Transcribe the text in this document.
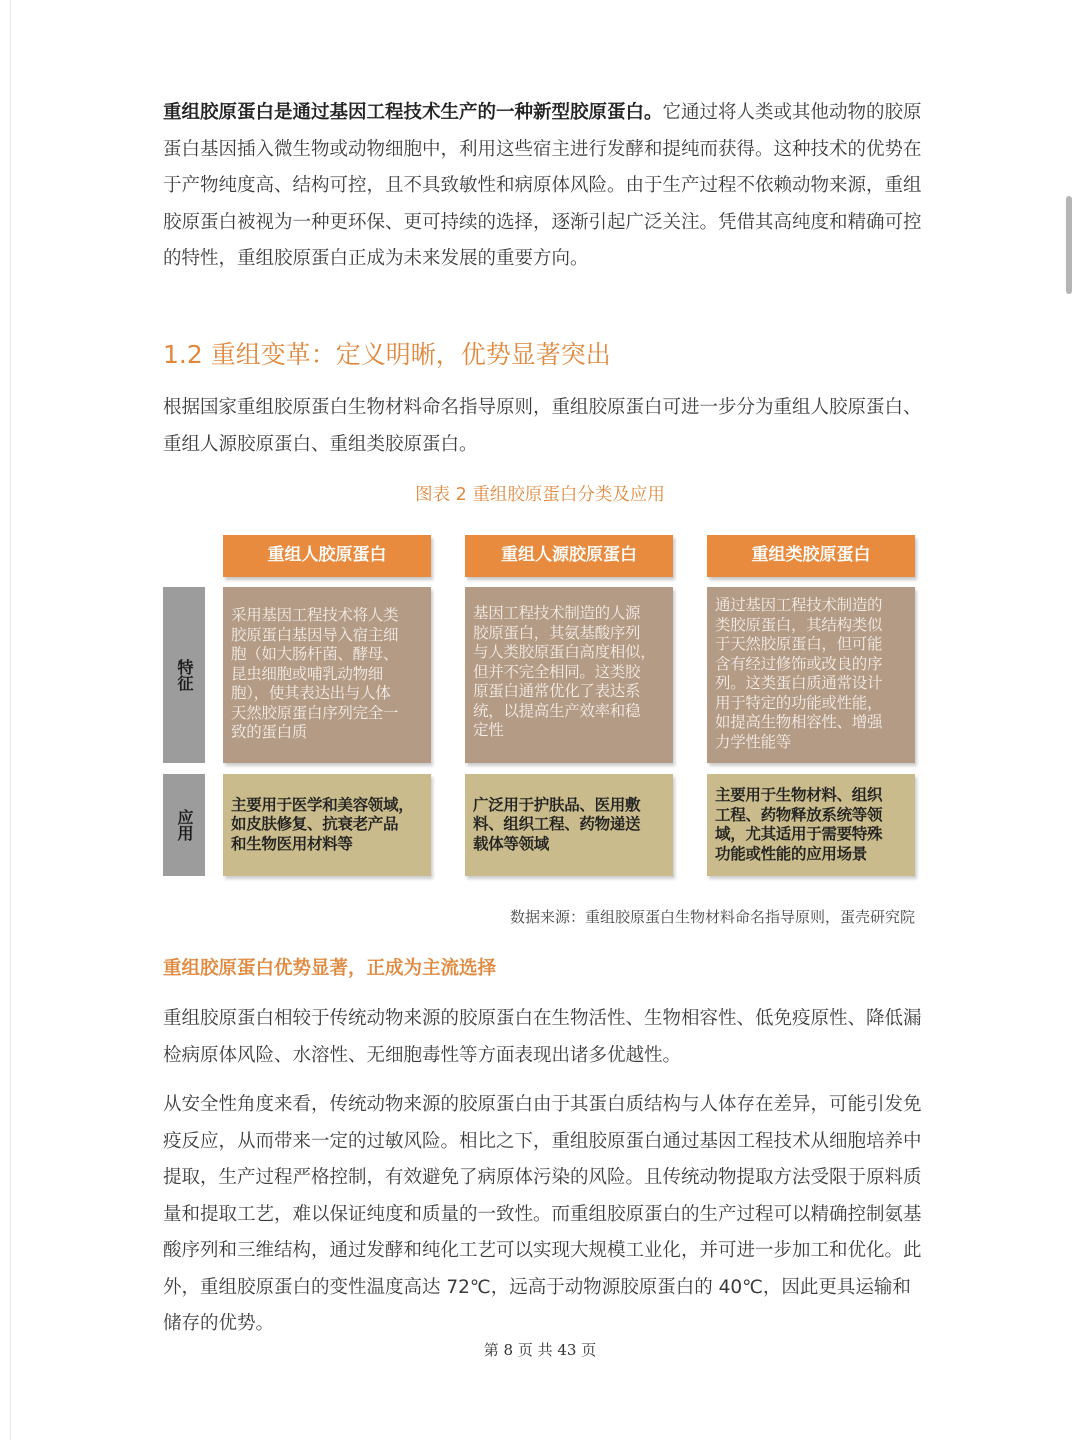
重组胶原蛋白是通过基因工程技术生产的一种新型胶原蛋白。它通过将人类或其他动物的胶原蛋白基因插入微生物或动物细胞中，利用这些宿主进行发酵和提纯而获得。这种技术的优势在于产物纯度高、结构可控，且不具致敏性和病原体风险。由于生产过程不依赖动物来源，重组胶原蛋白被视为一种更环保、更可持续的选择，逐渐引起广泛关注。凭借其高纯度和精确可控的特性，重组胶原蛋白正成为未来发展的重要方向。

1.2 重组变革：定义明晰，优势显著突出

根据国家重组胶原蛋白生物材料命名指导原则，重组胶原蛋白可进一步分为重组人胶原蛋白、重组人源胶原蛋白、重组类胶原蛋白。

图表 2 重组胶原蛋白分类及应用
重组人胶原蛋白	重组人源胶原蛋白	重组类胶原蛋白
特征
应用
采用基因工程技术将人类
胶原蛋白基因导入宿主细
胞（如大肠杆菌、酵母、
昆虫细胞或哺乳动物细
胞），使其表达出与人体
天然胶原蛋白序列完全一
致的蛋白质
基因工程技术制造的人源
胶原蛋白，其氨基酸序列
与人类胶原蛋白高度相似，
但并不完全相同。这类胶
原蛋白通常优化了表达系
统，以提高生产效率和稳
定性
通过基因工程技术制造的
类胶原蛋白，其结构类似
于天然胶原蛋白，但可能
含有经过修饰或改良的序
列。这类蛋白质通常设计
用于特定的功能或性能，
如提高生物相容性、增强
力学性能等
主要用于医学和美容领域，
如皮肤修复、抗衰老产品
和生物医用材料等
广泛用于护肤品、医用敷
料、组织工程、药物递送
载体等领域
主要用于生物材料、组织
工程、药物释放系统等领
域，尤其适用于需要特殊
功能或性能的应用场景
数据来源：重组胶原蛋白生物材料命名指导原则，蛋壳研究院
重组胶原蛋白优势显著，正成为主流选择

重组胶原蛋白相较于传统动物来源的胶原蛋白在生物活性、生物相容性、低免疫原性、降低漏检病原体风险、水溶性、无细胞毒性等方面表现出诸多优越性。

从安全性角度来看，传统动物来源的胶原蛋白由于其蛋白质结构与人体存在差异，可能引发免疫反应，从而带来一定的过敏风险。相比之下，重组胶原蛋白通过基因工程技术从细胞培养中提取，生产过程严格控制，有效避免了病原体污染的风险。且传统动物提取方法受限于原料质量和提取工艺，难以保证纯度和质量的一致性。而重组胶原蛋白的生产过程可以精确控制氨基酸序列和三维结构，通过发酵和纯化工艺可以实现大规模工业化，并可进一步加工和优化。此外，重组胶原蛋白的变性温度高达 72℃，远高于动物源胶原蛋白的 40℃，因此更具运输和储存的优势。

第 8 页 共 43 页
